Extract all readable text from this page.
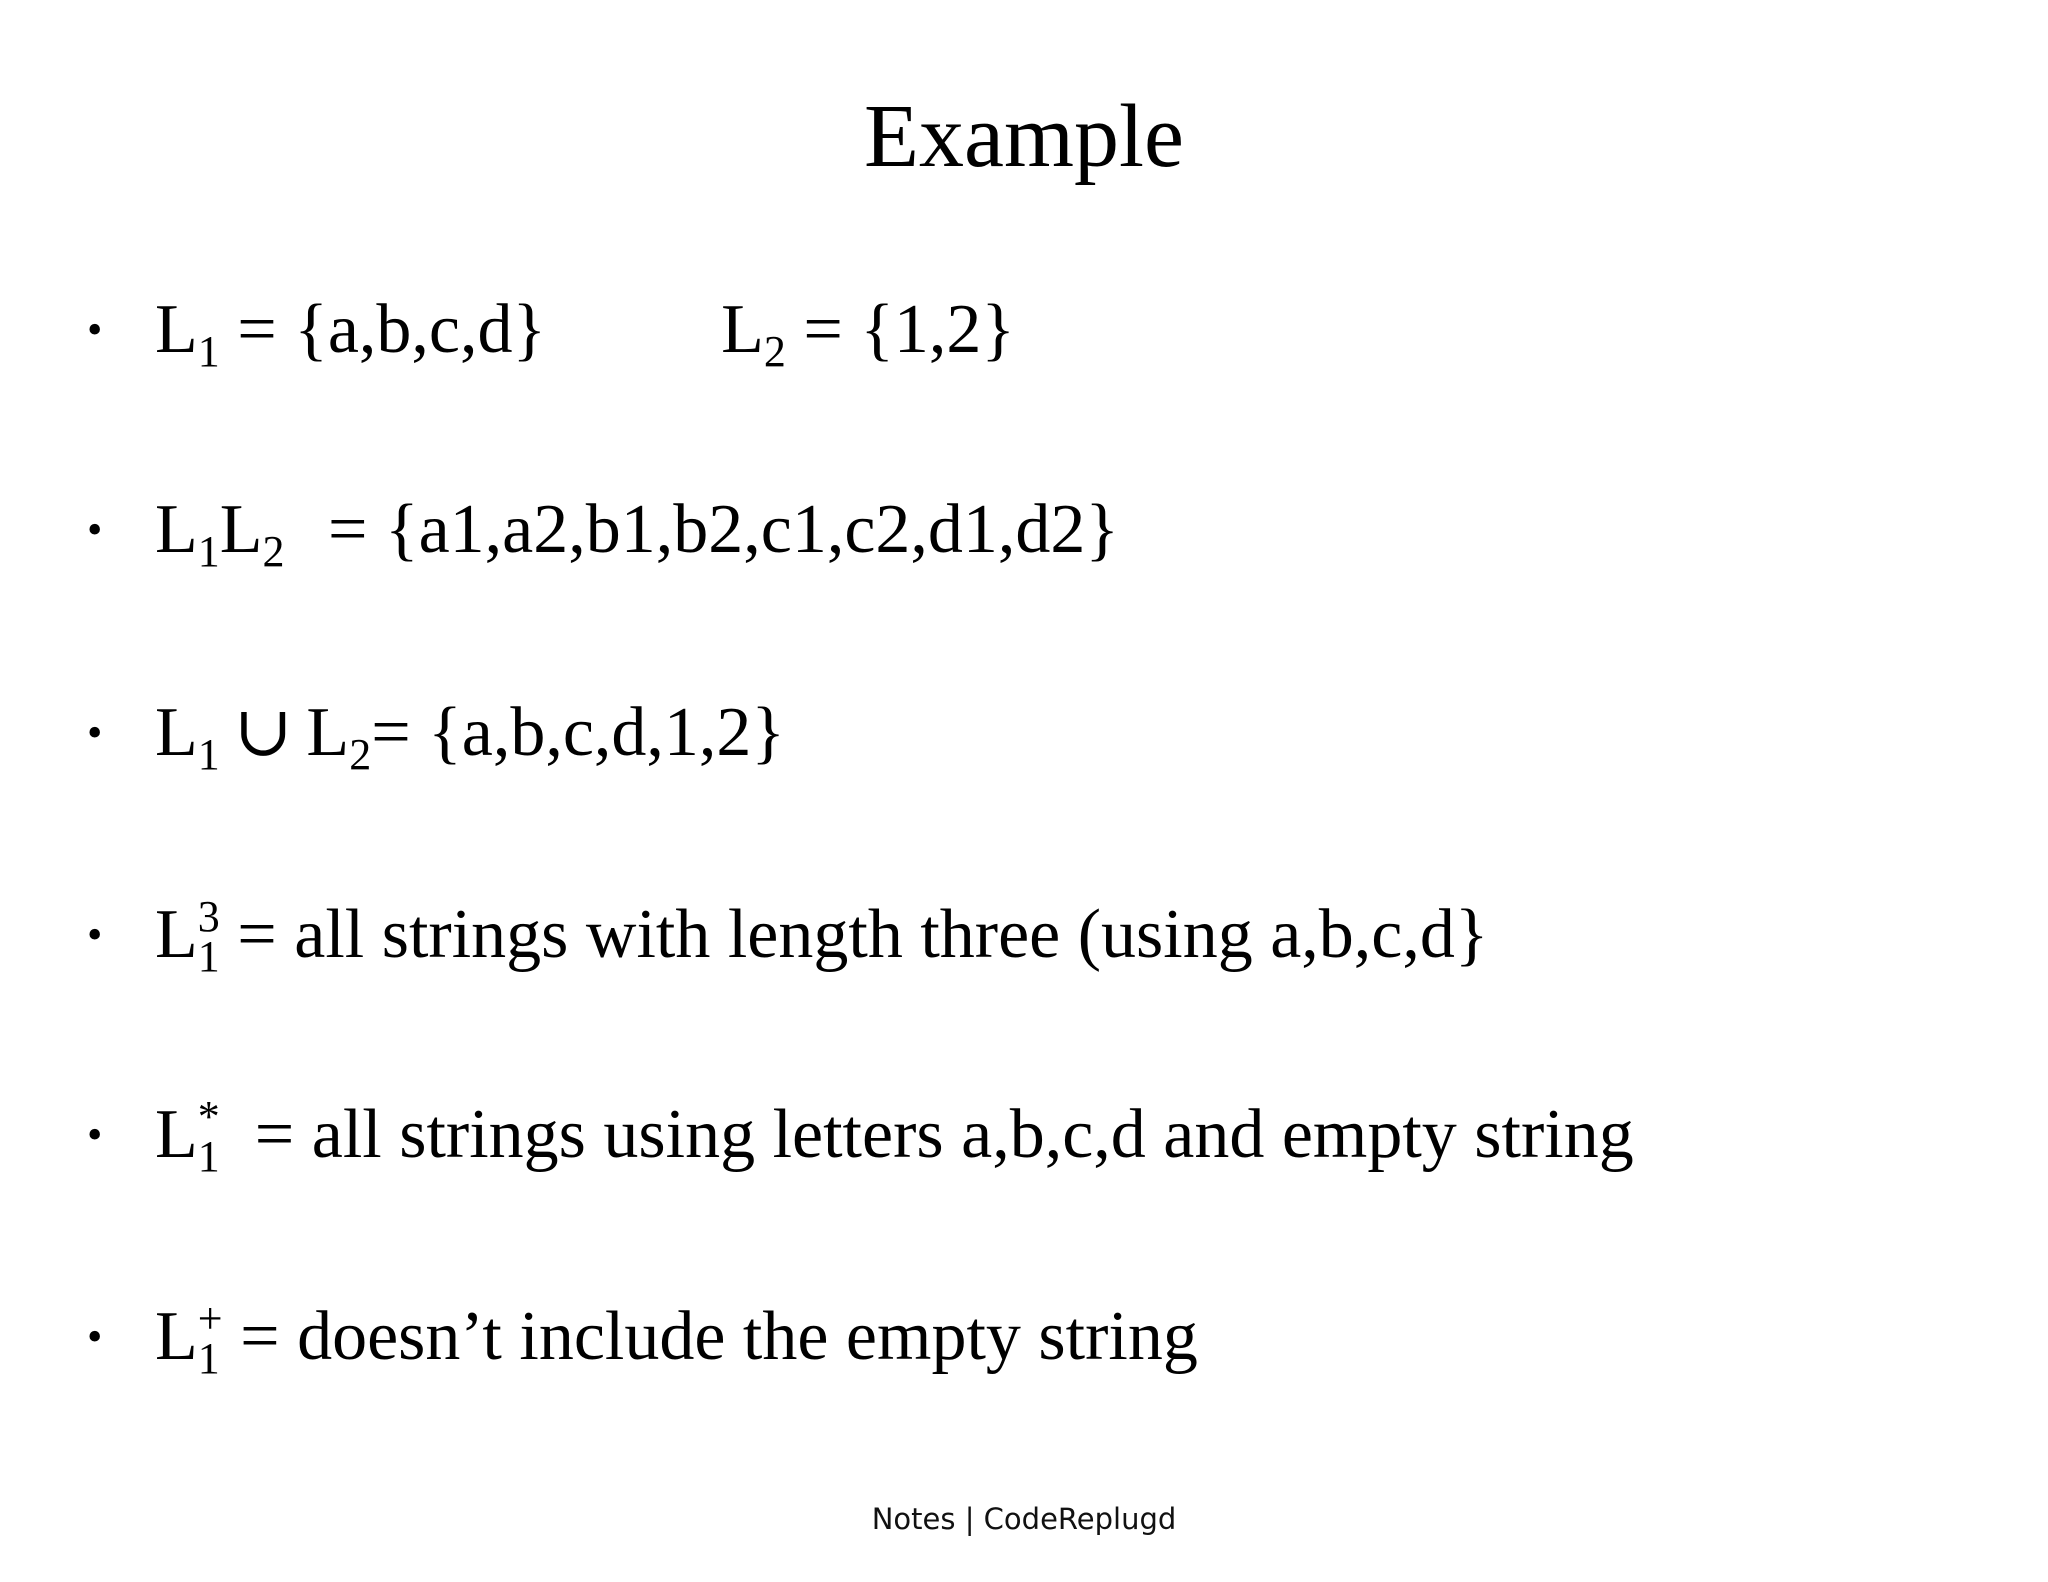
Example
• $L_1 = \{a,b,c,d\}$	$L_2 = \{1,2\}$
• $L_1L_2 = \{a1,a2,b1,b2,c1,c2,d1,d2\}$
• $L_1$ ∪ $L_2= \{a,b,c,d,1,2\}$
• $L_1^3$ = all strings with length three (using a,b,c,d}
• $L_1^*$  = all strings using letters a,b,c,d and empty string
• $L_1^+$ = doesn’t include the empty string
Notes | CodeReplugd
